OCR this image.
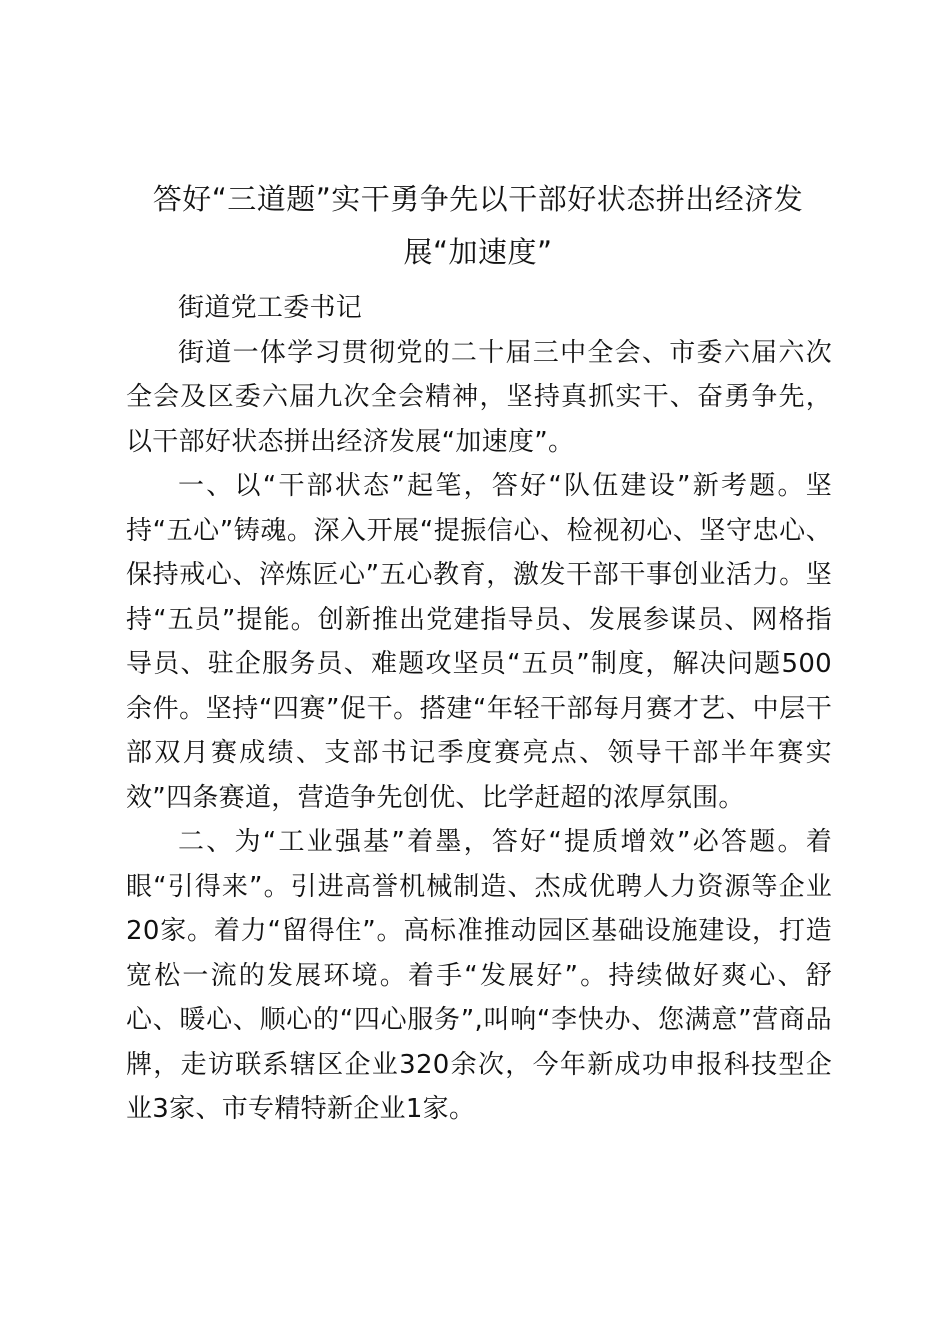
答好“三道题”实干勇争先以干部好状态拼出经济发展“加速度”

街道党工委书记

街道一体学习贯彻党的二十届三中全会、市委六届六次全会及区委六届九次全会精神，坚持真抓实干、奋勇争先，以干部好状态拼出经济发展“加速度”。

一、以“干部状态”起笔，答好“队伍建设”新考题。坚持“五心”铸魂。深入开展“提振信心、检视初心、坚守忠心、保持戒心、淬炼匠心”五心教育，激发干部干事创业活力。坚持“五员”提能。创新推出党建指导员、发展参谋员、网格指导员、驻企服务员、难题攻坚员“五员”制度，解决问题500余件。坚持“四赛”促干。搭建“年轻干部每月赛才艺、中层干部双月赛成绩、支部书记季度赛亮点、领导干部半年赛实效”四条赛道，营造争先创优、比学赶超的浓厚氛围。

二、为“工业强基”着墨，答好“提质增效”必答题。着眼“引得来”。引进高誉机械制造、杰成优聘人力资源等企业20家。着力“留得住”。高标准推动园区基础设施建设，打造宽松一流的发展环境。着手“发展好”。持续做好爽心、舒心、暖心、顺心的“四心服务”,叫响“李快办、您满意”营商品牌，走访联系辖区企业320余次，今年新成功申报科技型企业3家、市专精特新企业1家。
